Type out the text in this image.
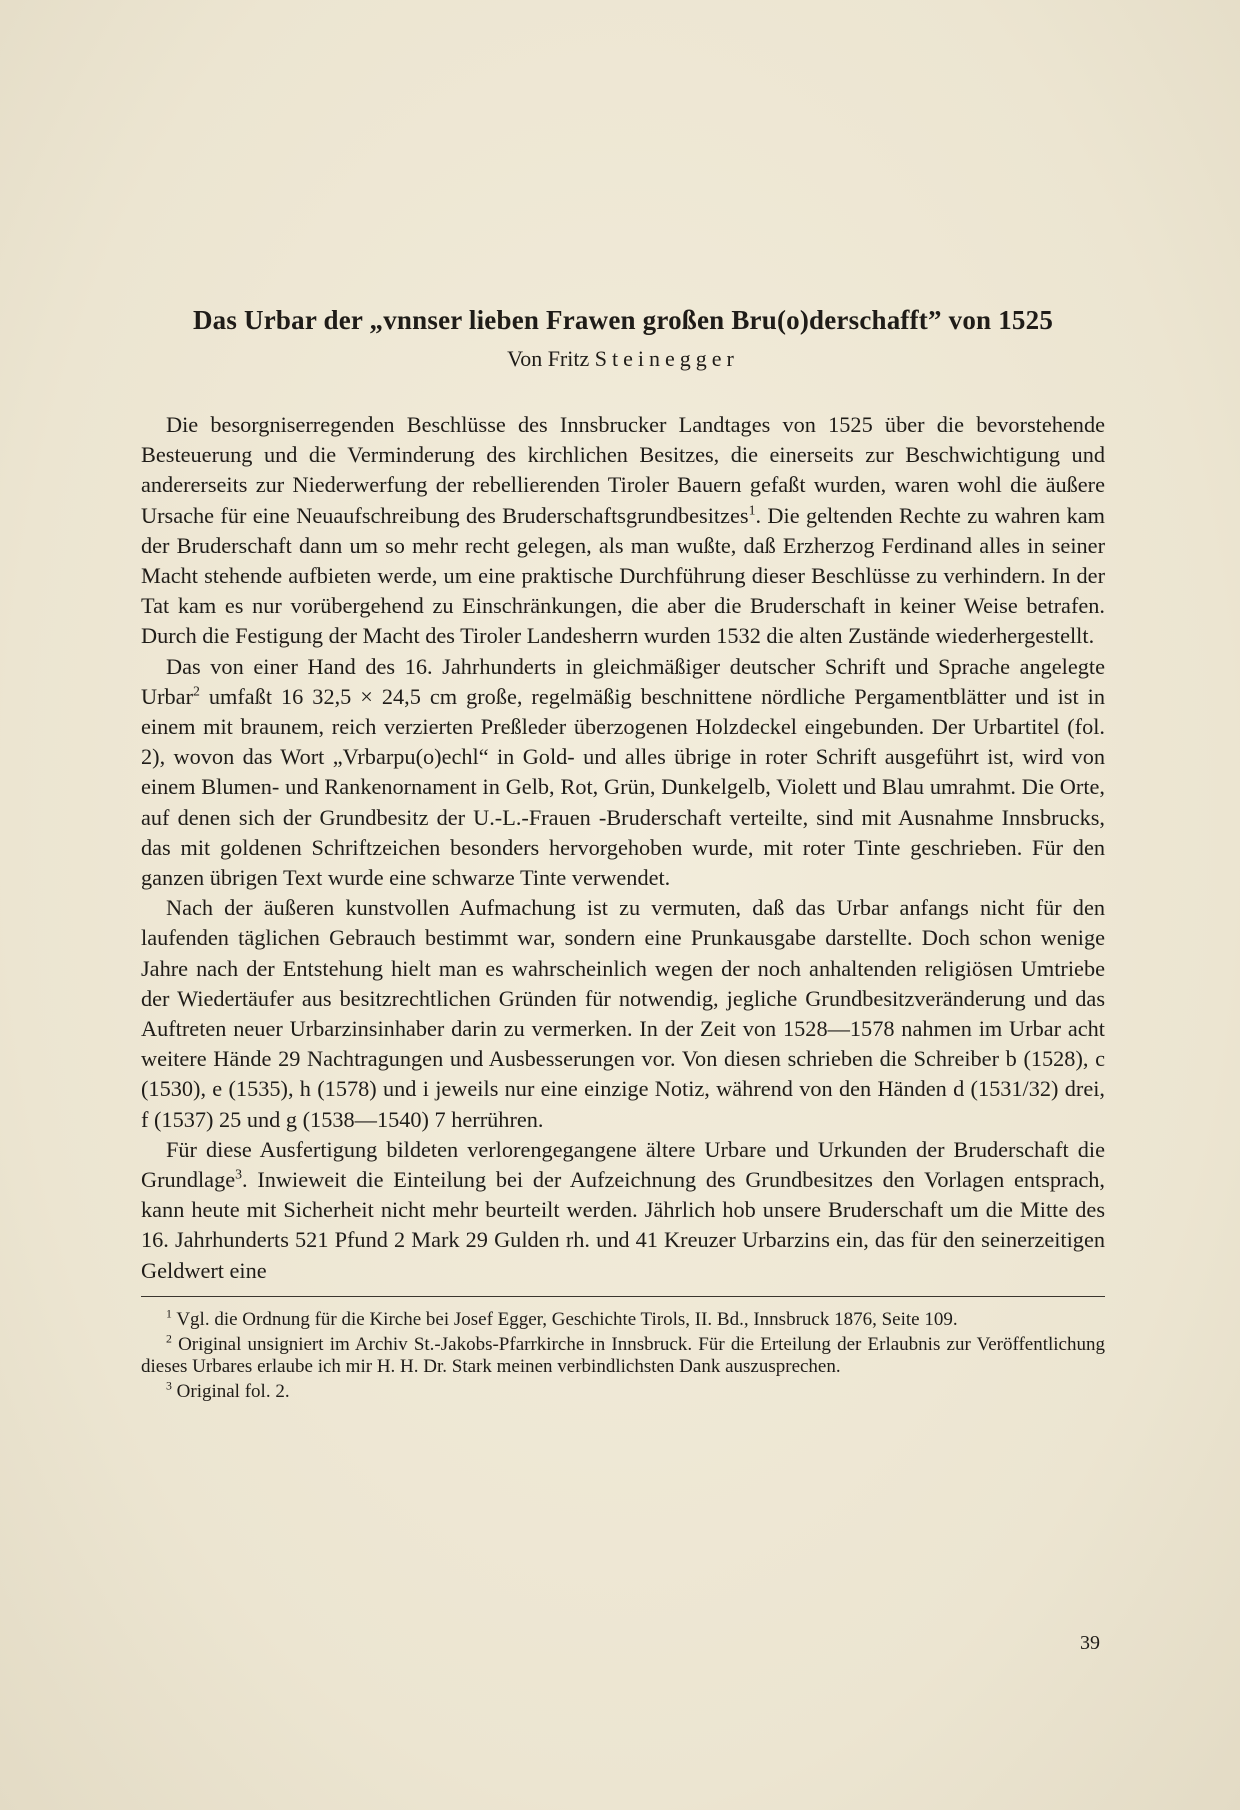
Das Urbar der „vnnser lieben Frawen großen Bru(o)derschafft” von 1525

Von Fritz Steinegger

Die besorgniserregenden Beschlüsse des Innsbrucker Landtages von 1525 über die bevorstehende Besteuerung und die Verminderung des kirchlichen Besitzes, die einerseits zur Beschwichtigung und andererseits zur Niederwerfung der rebellierenden Tiroler Bauern gefaßt wurden, waren wohl die äußere Ursache für eine Neuaufschreibung des Bruderschaftsgrundbesitzes$^1$. Die geltenden Rechte zu wahren kam der Bruderschaft dann um so mehr recht gelegen, als man wußte, daß Erzherzog Ferdinand alles in seiner Macht stehende aufbieten werde, um eine praktische Durchführung dieser Beschlüsse zu verhindern. In der Tat kam es nur vorübergehend zu Einschränkungen, die aber die Bruderschaft in keiner Weise betrafen. Durch die Festigung der Macht des Tiroler Landesherrn wurden 1532 die alten Zustände wiederhergestellt.

Das von einer Hand des 16. Jahrhunderts in gleichmäßiger deutscher Schrift und Sprache angelegte Urbar$^2$ umfaßt 16 32,5 × 24,5 cm große, regelmäßig beschnittene nördliche Pergamentblätter und ist in einem mit braunem, reich verzierten Preßleder überzogenen Holzdeckel eingebunden. Der Urbartitel (fol. 2), wovon das Wort „Vrbarpu(o)echl“ in Gold- und alles übrige in roter Schrift ausgeführt ist, wird von einem Blumen- und Rankenornament in Gelb, Rot, Grün, Dunkelgelb, Violett und Blau umrahmt. Die Orte, auf denen sich der Grundbesitz der U.-L.-Frauen -Bruderschaft verteilte, sind mit Ausnahme Innsbrucks, das mit goldenen Schriftzeichen besonders hervorgehoben wurde, mit roter Tinte geschrieben. Für den ganzen übrigen Text wurde eine schwarze Tinte verwendet.

Nach der äußeren kunstvollen Aufmachung ist zu vermuten, daß das Urbar anfangs nicht für den laufenden täglichen Gebrauch bestimmt war, sondern eine Prunkausgabe darstellte. Doch schon wenige Jahre nach der Entstehung hielt man es wahrscheinlich wegen der noch anhaltenden religiösen Umtriebe der Wiedertäufer aus besitzrechtlichen Gründen für notwendig, jegliche Grundbesitzveränderung und das Auftreten neuer Urbarzinsinhaber darin zu vermerken. In der Zeit von 1528—1578 nahmen im Urbar acht weitere Hände 29 Nachtragungen und Ausbesserungen vor. Von diesen schrieben die Schreiber b (1528), c (1530), e (1535), h (1578) und i jeweils nur eine einzige Notiz, während von den Händen d (1531/32) drei, f (1537) 25 und g (1538—1540) 7 herrühren.

Für diese Ausfertigung bildeten verlorengegangene ältere Urbare und Urkunden der Bruderschaft die Grundlage$^3$. Inwieweit die Einteilung bei der Aufzeichnung des Grundbesitzes den Vorlagen entsprach, kann heute mit Sicherheit nicht mehr beurteilt werden. Jährlich hob unsere Bruderschaft um die Mitte des 16. Jahrhunderts 521 Pfund 2 Mark 29 Gulden rh. und 41 Kreuzer Urbarzins ein, das für den seinerzeitigen Geldwert eine

$^1$ Vgl. die Ordnung für die Kirche bei Josef Egger, Geschichte Tirols, II. Bd., Innsbruck 1876, Seite 109.

$^2$ Original unsigniert im Archiv St.-Jakobs-Pfarrkirche in Innsbruck. Für die Erteilung der Erlaubnis zur Veröffentlichung dieses Urbares erlaube ich mir H. H. Dr. Stark meinen verbindlichsten Dank auszusprechen.

$^3$ Original fol. 2.

39
